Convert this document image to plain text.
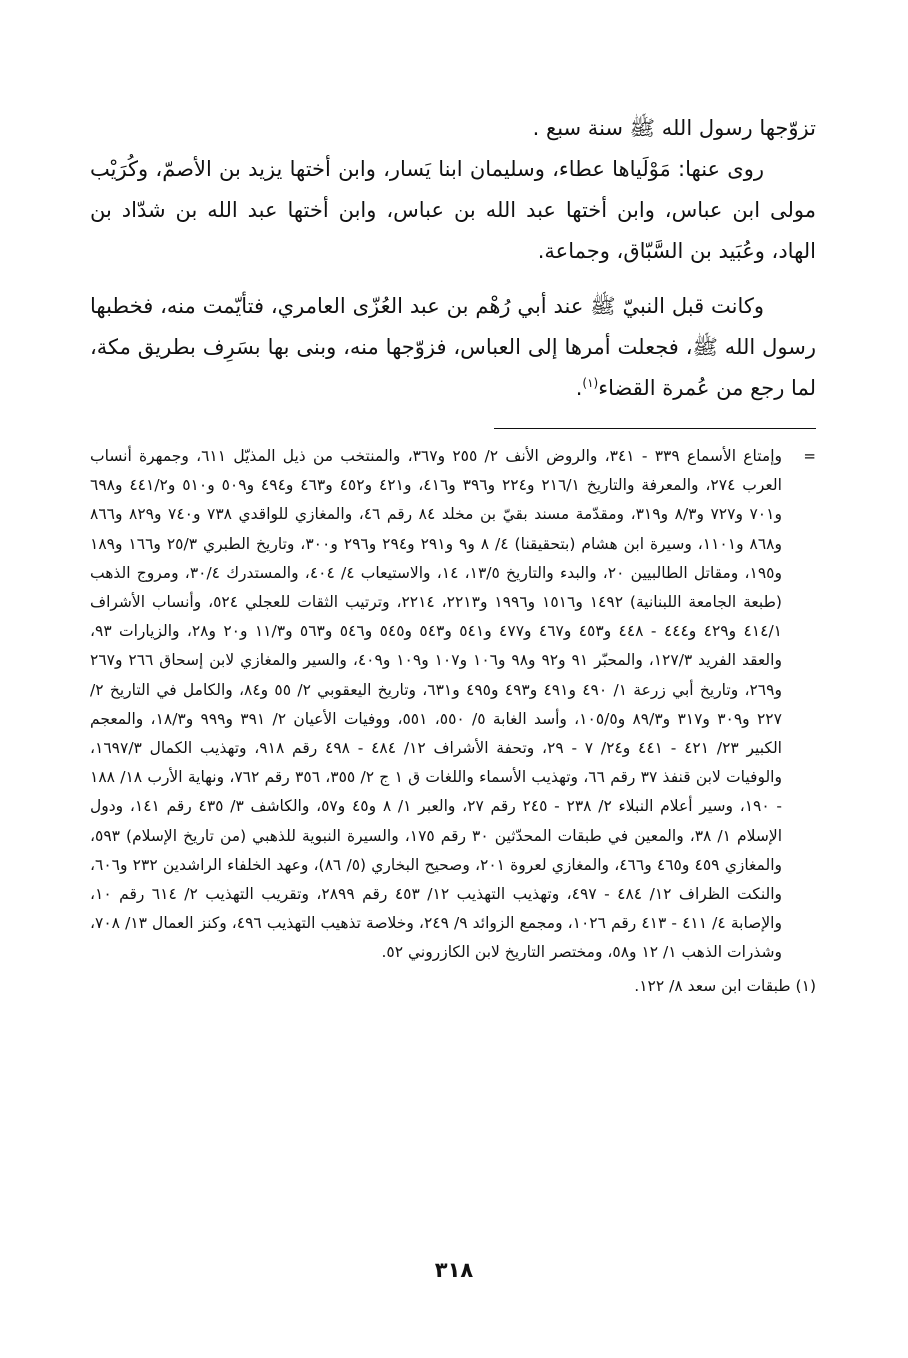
تزوّجها رسول الله ﷺ سنة سبع .

روى عنها: مَوْلَياها عطاء، وسليمان ابنا يَسار، وابن أختها يزيد بن الأصمّ، وكُرَيْب مولى ابن عباس، وابن أختها عبد الله بن عباس، وابن أختها عبد الله بن شدّاد بن الهاد، وعُبَيد بن السَّبّاق، وجماعة.

وكانت قبل النبيّ ﷺ عند أبي رُهْم بن عبد العُزّى العامري، فتأيّمت منه، فخطبها رسول الله ﷺ، فجعلت أمرها إلى العباس، فزوّجها منه، وبنى بها بسَرِف بطريق مكة، لما رجع من عُمرة القضاء$^{(١)}$.

=
وإمتاع الأسماع ٣٣٩ - ٣٤١، والروض الأنف ٢/ ٢٥٥ و٣٦٧، والمنتخب من ذيل المذيّل ٦١١، وجمهرة أنساب العرب ٢٧٤، والمعرفة والتاريخ ٢١٦/١ و٢٢٤ و٣٩٦ و٤١٦، و٤٢١ و٤٥٢ و٤٦٣ و٤٩٤ و٥٠٩ و٥١٠ و٤٤١/٢ و٦٩٨ و٧٠١ و٧٢٧ و٨/٣ و٣١٩، ومقدّمة مسند بقيّ بن مخلد ٨٤ رقم ٤٦، والمغازي للواقدي ٧٣٨ و٧٤٠ و٨٢٩ و٨٦٦ و٨٦٨ و١١٠١، وسيرة ابن هشام (بتحقيقنا) ٤/ ٨ و٩ و٢٩١ و٢٩٤ و٢٩٦ و٣٠٠، وتاريخ الطبري ٢٥/٣ و١٦٦ و١٨٩ و١٩٥، ومقاتل الطالبيين ٢٠، والبدء والتاريخ ١٣/٥، ١٤، والاستيعاب ٤/ ٤٠٤، والمستدرك ٣٠/٤، ومروج الذهب (طبعة الجامعة اللبنانية) ١٤٩٢ و١٥١٦ و١٩٩٦ و٢٢١٣، ٢٢١٤، وترتيب الثقات للعجلي ٥٢٤، وأنساب الأشراف ٤١٤/١ و٤٢٩ و٤٤٤ - ٤٤٨ و٤٥٣ و٤٦٧ و٤٧٧ و٥٤١ و٥٤٣ و٥٤٥ و٥٤٦ و٥٦٣ و١١/٣ و٢٠ و٢٨، والزيارات ٩٣، والعقد الفريد ١٢٧/٣، والمحبّر ٩١ و٩٢ و٩٨ و١٠٦ و١٠٧ و١٠٩ و٤٠٩، والسير والمغازي لابن إسحاق ٢٦٦ و٢٦٧ و٢٦٩، وتاريخ أبي زرعة ١/ ٤٩٠ و٤٩١ و٤٩٣ و٤٩٥ و٦٣١، وتاريخ اليعقوبي ٢/ ٥٥ و٨٤، والكامل في التاريخ ٢/ ٢٢٧ و٣٠٩ و٣١٧ و٨٩/٣ و١٠٥/٥، وأسد الغابة ٥/ ٥٥٠، ٥٥١، ووفيات الأعيان ٢/ ٣٩١ و٩٩٩ و١٨/٣، والمعجم الكبير ٢٣/ ٤٢١ - ٤٤١ و٢٤/ ٧ - ٢٩، وتحفة الأشراف ١٢/ ٤٨٤ - ٤٩٨ رقم ٩١٨، وتهذيب الكمال ١٦٩٧/٣، والوفيات لابن قنفذ ٣٧ رقم ٦٦، وتهذيب الأسماء واللغات ق ١ ج ٢/ ٣٥٥، ٣٥٦ رقم ٧٦٢، ونهاية الأرب ١٨/ ١٨٨ - ١٩٠، وسير أعلام النبلاء ٢/ ٢٣٨ - ٢٤٥ رقم ٢٧، والعبر ١/ ٨ و٤٥ و٥٧، والكاشف ٣/ ٤٣٥ رقم ١٤١، ودول الإسلام ١/ ٣٨، والمعين في طبقات المحدّثين ٣٠ رقم ١٧٥، والسيرة النبوية للذهبي (من تاريخ الإسلام) ٥٩٣، والمغازي ٤٥٩ و٤٦٥ و٤٦٦، والمغازي لعروة ٢٠١، وصحيح البخاري (٥/ ٨٦)، وعهد الخلفاء الراشدين ٢٣٢ و٦٠٦، والنكت الظراف ١٢/ ٤٨٤ - ٤٩٧، وتهذيب التهذيب ١٢/ ٤٥٣ رقم ٢٨٩٩، وتقريب التهذيب ٢/ ٦١٤ رقم ١٠، والإصابة ٤/ ٤١١ - ٤١٣ رقم ١٠٢٦، ومجمع الزوائد ٩/ ٢٤٩، وخلاصة تذهيب التهذيب ٤٩٦، وكنز العمال ١٣/ ٧٠٨، وشذرات الذهب ١/ ١٢ و٥٨، ومختصر التاريخ لابن الكازروني ٥٢.
(١) طبقات ابن سعد ٨/ ١٢٢.
٣١٨
